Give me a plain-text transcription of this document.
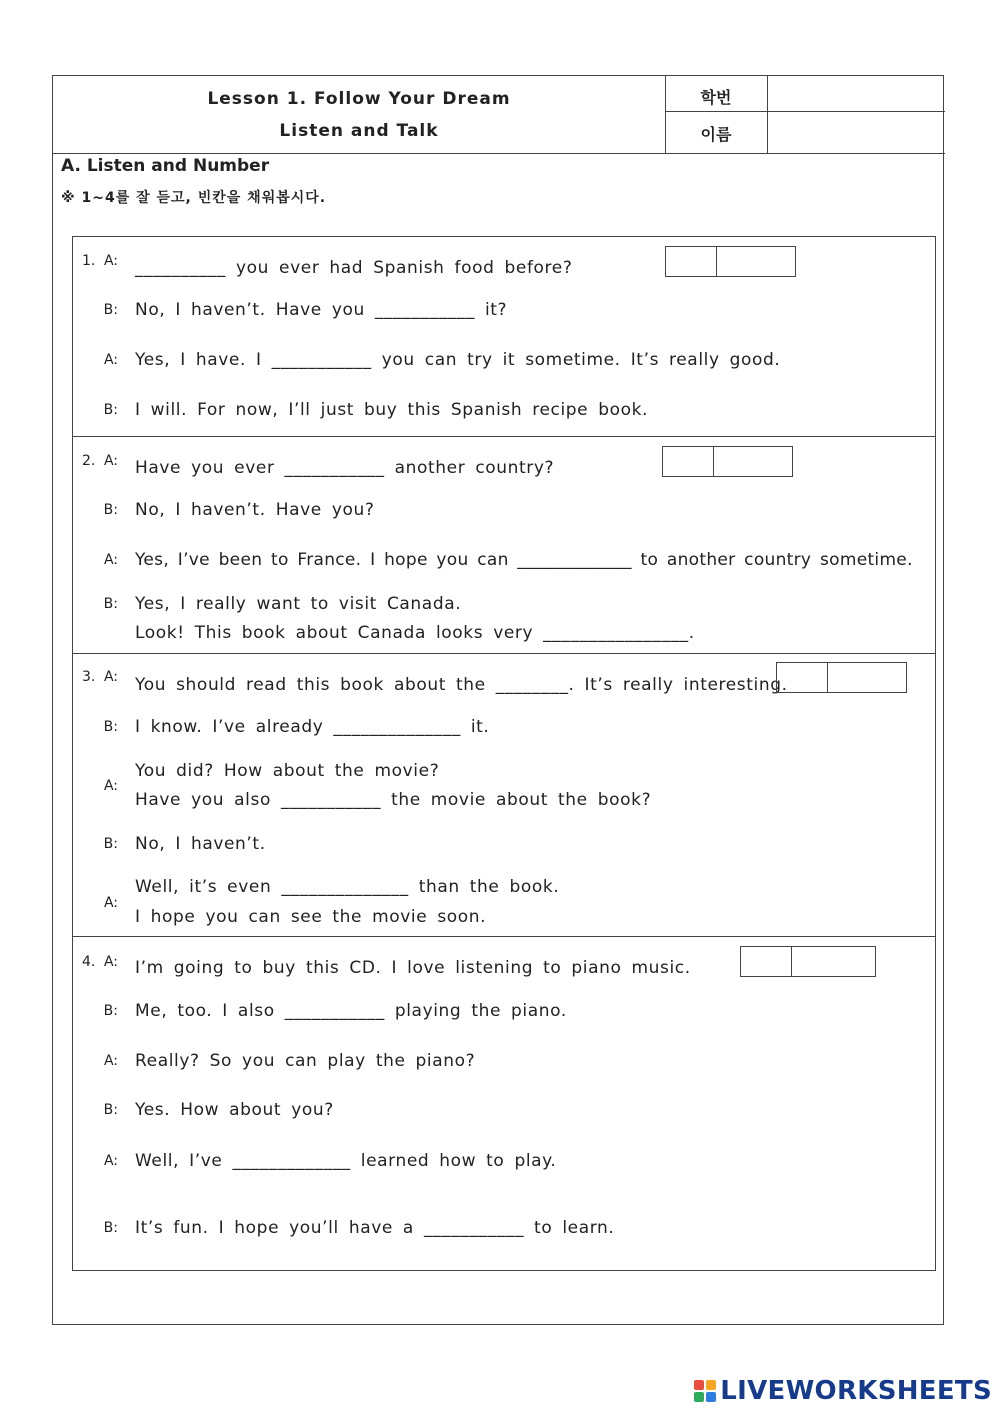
Lesson 1. Follow Your Dream
Listen and Talk
학번
이름
A. Listen and Number
※ 1~4를 잘 듣고, 빈칸을 채워봅시다.
1. A: __________ you ever had Spanish food before?
B: No, I haven’t. Have you ___________ it?
A: Yes, I have. I ___________ you can try it sometime. It’s really good.
B: I will. For now, I’ll just buy this Spanish recipe book.
2. A: Have you ever ___________ another country?
B: No, I haven’t. Have you?
A: Yes, I’ve been to France. I hope you can _____________ to another country sometime.
B: Yes, I really want to visit Canada.
Look! This book about Canada looks very ________________.
3. A: You should read this book about the ________. It’s really interesting.
B: I know. I’ve already ______________ it.
A:
You did? How about the movie?
Have you also ___________ the movie about the book?
B: No, I haven’t.
A:
Well, it’s even ______________ than the book.
I hope you can see the movie soon.
4. A: I’m going to buy this CD. I love listening to piano music.
B: Me, too. I also ___________ playing the piano.
A: Really? So you can play the piano?
B: Yes. How about you?
A: Well, I’ve _____________ learned how to play.
B: It’s fun. I hope you’ll have a ___________ to learn.
LIVEWORKSHEETS
